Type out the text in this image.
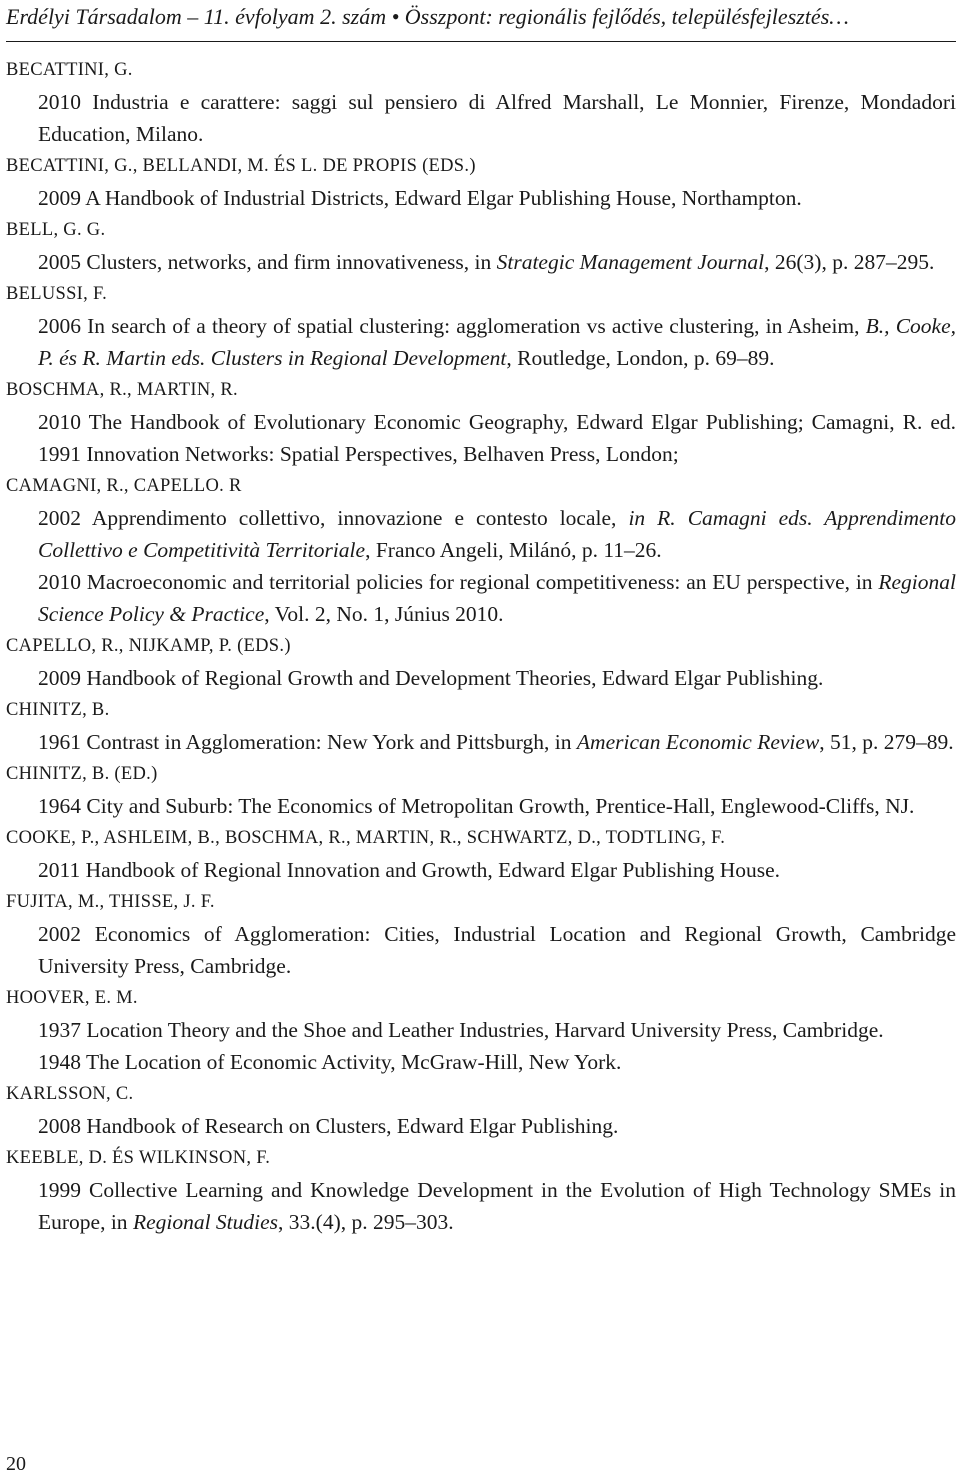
Erdélyi Társadalom – 11. évfolyam 2. szám • Összpont: regionális fejlődés, településfejlesztés…
BECATTINI, G.
2010 Industria e carattere: saggi sul pensiero di Alfred Marshall, Le Monnier, Firenze, Mondadori Education, Milano.
BECATTINI, G., BELLANDI, M. ÉS L. DE PROPIS (EDS.)
2009 A Handbook of Industrial Districts, Edward Elgar Publishing House, Northampton.
BELL, G. G.
2005 Clusters, networks, and firm innovativeness, in Strategic Management Journal, 26(3), p. 287–295.
BELUSSI, F.
2006 In search of a theory of spatial clustering: agglomeration vs active clustering, in Asheim, B., Cooke, P. és R. Martin eds. Clusters in Regional Development, Routledge, London, p. 69–89.
BOSCHMA, R., MARTIN, R.
2010 The Handbook of Evolutionary Economic Geography, Edward Elgar Publishing; Camagni, R. ed. 1991 Innovation Networks: Spatial Perspectives, Belhaven Press, London;
CAMAGNI, R., CAPELLO. R
2002 Apprendimento collettivo, innovazione e contesto locale, in R. Camagni eds. Apprendimento Collettivo e Competitività Territoriale, Franco Angeli, Milánó, p. 11–26.
2010 Macroeconomic and territorial policies for regional competitiveness: an EU perspective, in Regional Science Policy & Practice, Vol. 2, No. 1, Június 2010.
CAPELLO, R., NIJKAMP, P. (EDS.)
2009 Handbook of Regional Growth and Development Theories, Edward Elgar Publishing.
CHINITZ, B.
1961 Contrast in Agglomeration: New York and Pittsburgh, in American Economic Review, 51, p. 279–89.
CHINITZ, B. (ED.)
1964 City and Suburb: The Economics of Metropolitan Growth, Prentice-Hall, Englewood-Cliffs, NJ.
COOKE, P., ASHLEIM, B., BOSCHMA, R., MARTIN, R., SCHWARTZ, D., TODTLING, F.
2011 Handbook of Regional Innovation and Growth, Edward Elgar Publishing House.
FUJITA, M., THISSE, J. F.
2002 Economics of Agglomeration: Cities, Industrial Location and Regional Growth, Cambridge University Press, Cambridge.
HOOVER, E. M.
1937 Location Theory and the Shoe and Leather Industries, Harvard University Press, Cambridge.
1948 The Location of Economic Activity, McGraw-Hill, New York.
KARLSSON, C.
2008 Handbook of Research on Clusters, Edward Elgar Publishing.
KEEBLE, D. ÉS WILKINSON, F.
1999 Collective Learning and Knowledge Development in the Evolution of High Technology SMEs in Europe, in Regional Studies, 33.(4), p. 295–303.
20
